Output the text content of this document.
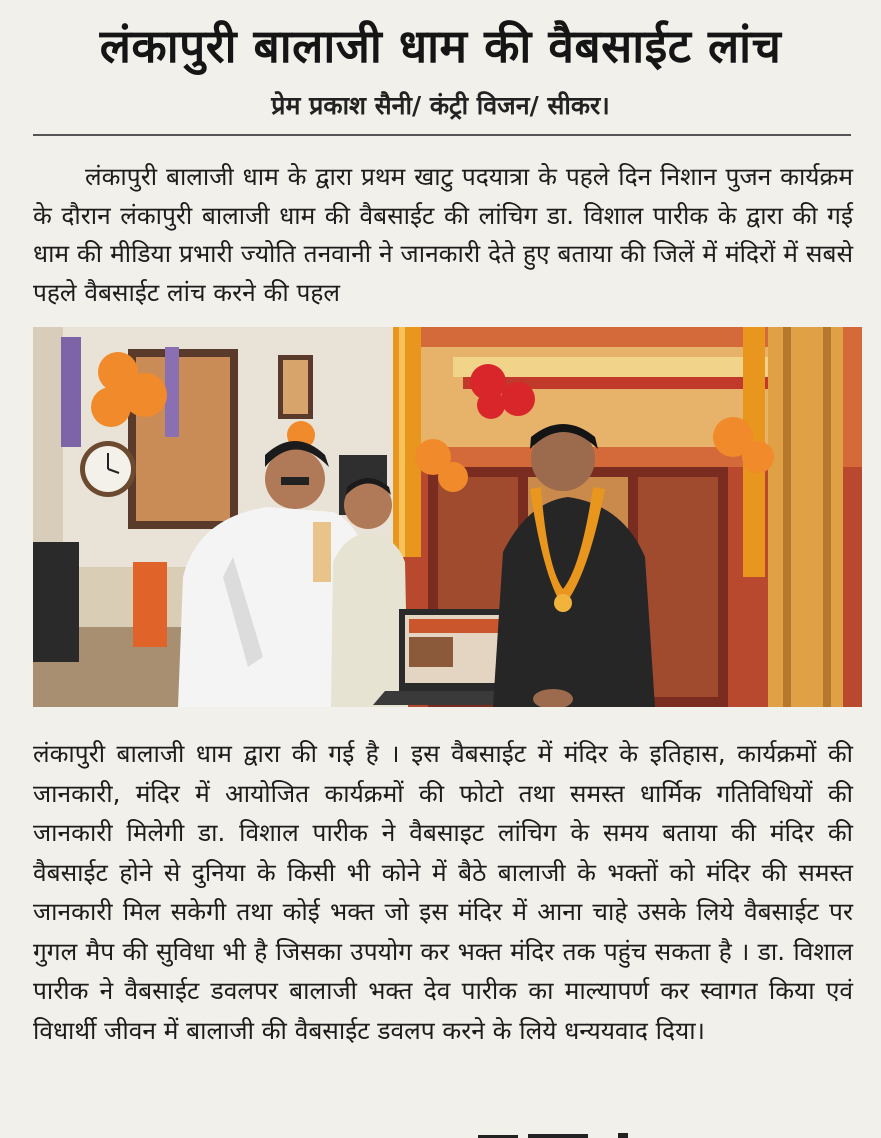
लंकापुरी बालाजी धाम की वैबसाईट लांच
प्रेम प्रकाश सैनी/ कंट्री विजन/ सीकर।

लंकापुरी बालाजी धाम के द्वारा प्रथम खाटु पदयात्रा के पहले दिन निशान पुजन कार्यक्रम के दौरान लंकापुरी बालाजी धाम की वैबसाईट की लांचिग डा. विशाल पारीक के द्वारा की गई धाम की मीडिया प्रभारी ज्योति तनवानी ने जानकारी देते हुए बताया की जिलें में मंदिरों में सबसे पहले वैबसाईट लांच करने की पहल

लंकापुरी बालाजी धाम द्वारा की गई है । इस वैबसाईट में मंदिर के इतिहास, कार्यक्रमों की जानकारी, मंदिर में आयोजित कार्यक्रमों की फोटो तथा समस्त धार्मिक गतिविधियों की जानकारी मिलेगी डा. विशाल पारीक ने वैबसाइट लांचिग के समय बताया की मंदिर की वैबसाईट होने से दुनिया के किसी भी कोने में बैठे बालाजी के भक्तों को मंदिर की समस्त जानकारी मिल सकेगी तथा कोई भक्त जो इस मंदिर में आना चाहे उसके लिये वैबसाईट पर गुगल मैप की सुविधा भी है जिसका उपयोग कर भक्त मंदिर तक पहुंच सकता है । डा. विशाल पारीक ने वैबसाईट डवलपर बालाजी भक्त देव पारीक का माल्यापर्ण कर स्वागत किया एवं विधार्थी जीवन में बालाजी की वैबसाईट डवलप करने के लिये धन्ययवाद दिया।
